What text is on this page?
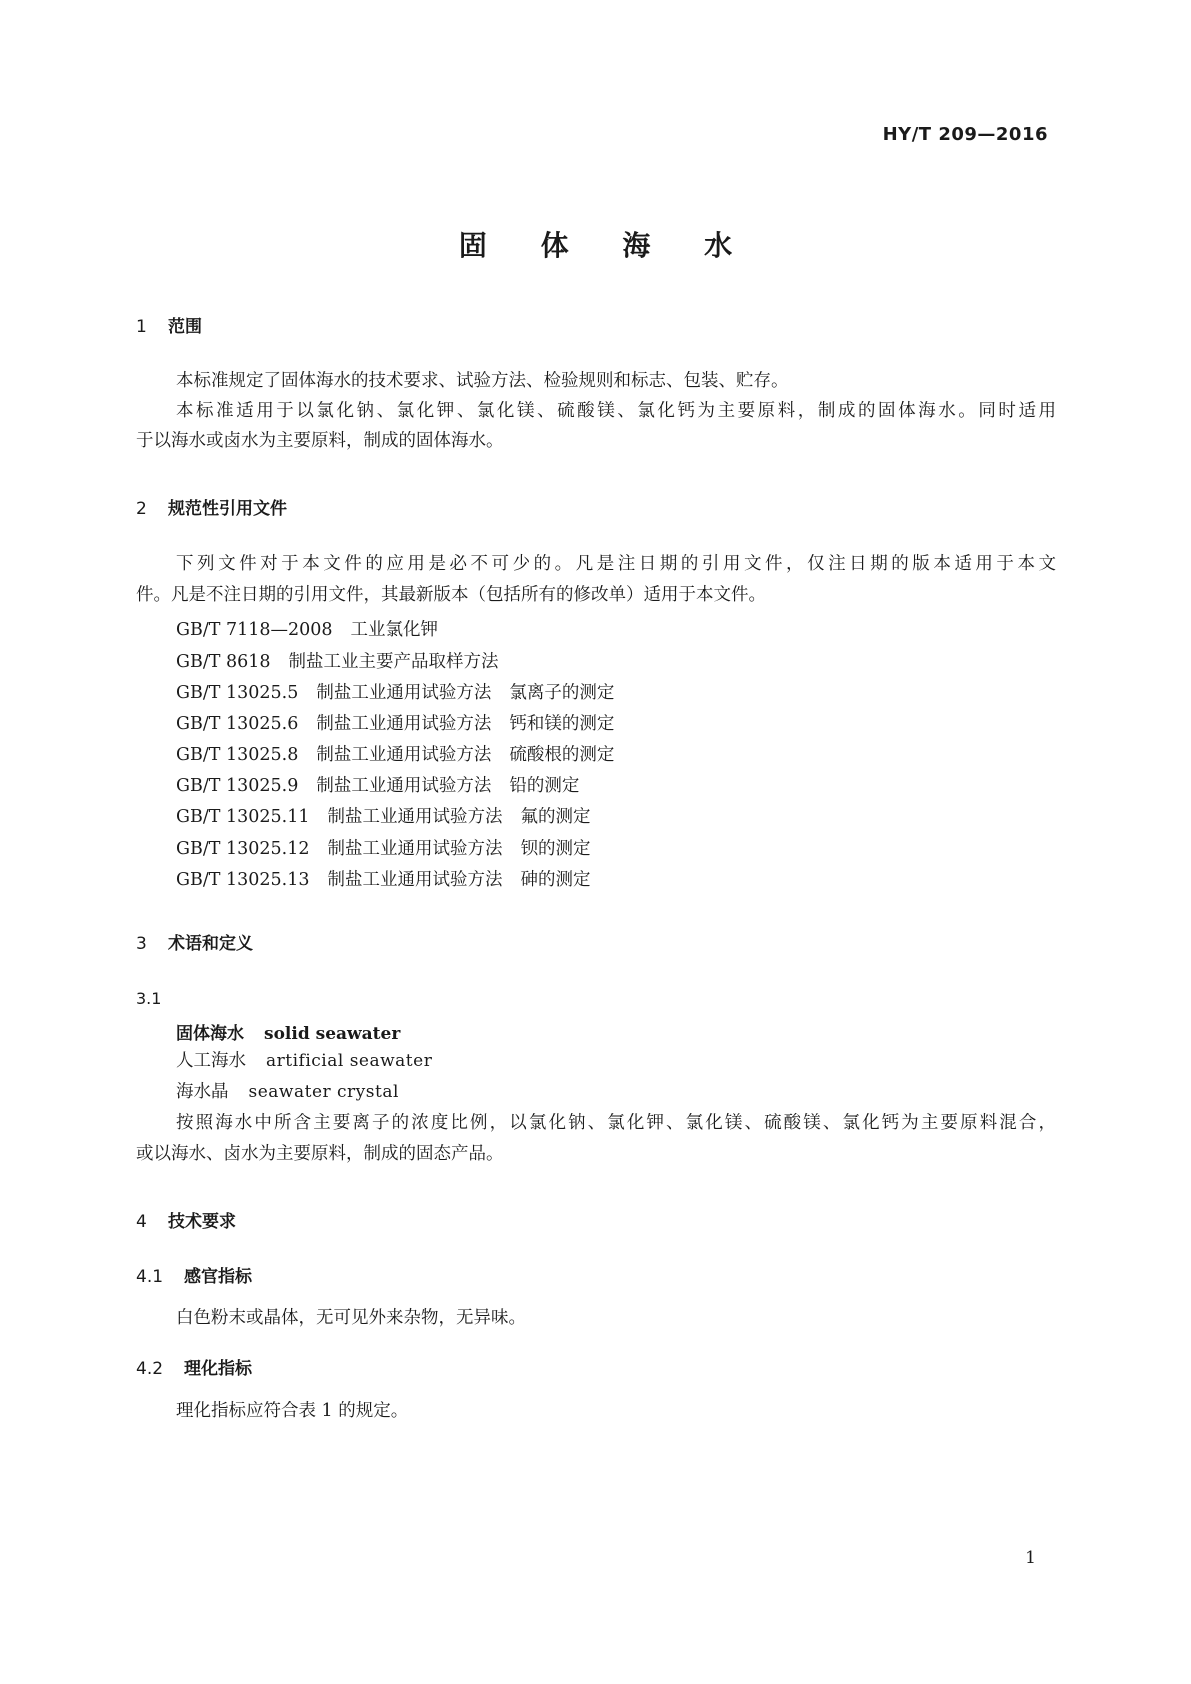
HY/T 209—2016
固 体 海 水
1 范围
本标准规定了固体海水的技术要求、试验方法、检验规则和标志、包装、贮存。
本标准适用于以氯化钠、氯化钾、氯化镁、硫酸镁、氯化钙为主要原料，制成的固体海水。同时适用
于以海水或卤水为主要原料，制成的固体海水。
2 规范性引用文件
下列文件对于本文件的应用是必不可少的。凡是注日期的引用文件，仅注日期的版本适用于本文
件。凡是不注日期的引用文件，其最新版本（包括所有的修改单）适用于本文件。
GB/T 7118—2008 工业氯化钾
GB/T 8618 制盐工业主要产品取样方法
GB/T 13025.5 制盐工业通用试验方法 氯离子的测定
GB/T 13025.6 制盐工业通用试验方法 钙和镁的测定
GB/T 13025.8 制盐工业通用试验方法 硫酸根的测定
GB/T 13025.9 制盐工业通用试验方法 铅的测定
GB/T 13025.11 制盐工业通用试验方法 氟的测定
GB/T 13025.12 制盐工业通用试验方法 钡的测定
GB/T 13025.13 制盐工业通用试验方法 砷的测定
3 术语和定义
3.1
固体海水 solid seawater
人工海水 artificial seawater
海水晶 seawater crystal
按照海水中所含主要离子的浓度比例，以氯化钠、氯化钾、氯化镁、硫酸镁、氯化钙为主要原料混合，
或以海水、卤水为主要原料，制成的固态产品。
4 技术要求
4.1 感官指标
白色粉末或晶体，无可见外来杂物，无异味。
4.2 理化指标
理化指标应符合表 1 的规定。
1
